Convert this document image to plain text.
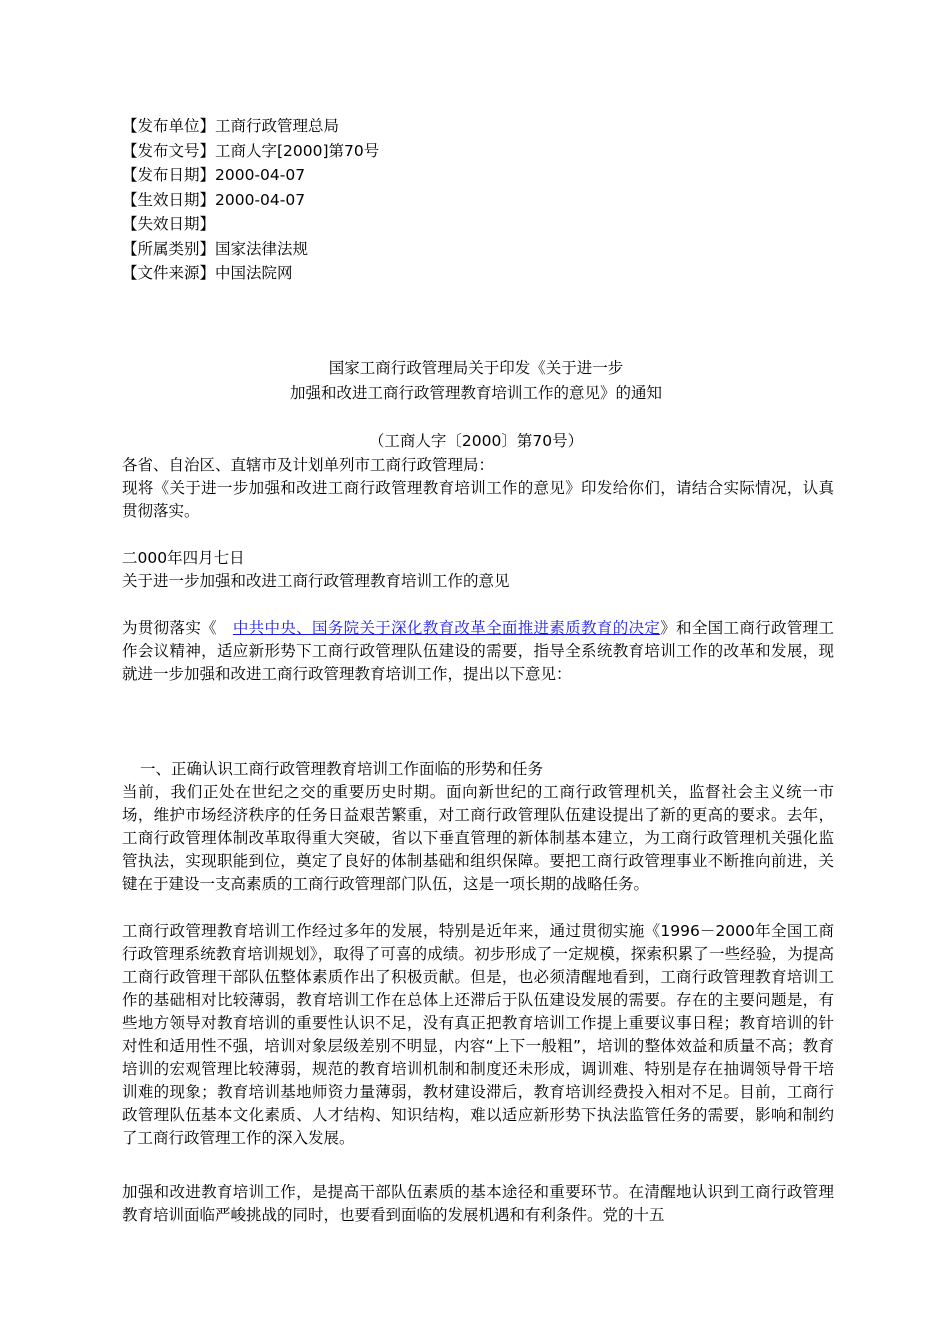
【发布单位】工商行政管理总局
【发布文号】工商人字[2000]第70号
【发布日期】2000-04-07
【生效日期】2000-04-07
【失效日期】
【所属类别】国家法律法规
【文件来源】中国法院网
国家工商行政管理局关于印发《关于进一步
加强和改进工商行政管理教育培训工作的意见》的通知
（工商人字〔2000〕第70号）
各省、自治区、直辖市及计划单列市工商行政管理局：
现将《关于进一步加强和改进工商行政管理教育培训工作的意见》印发给你们，请结合实际情况，认真贯彻落实。
二000年四月七日
关于进一步加强和改进工商行政管理教育培训工作的意见
为贯彻落实《　中共中央、国务院关于深化教育改革全面推进素质教育的决定》和全国工商行政管理工作会议精神，适应新形势下工商行政管理队伍建设的需要，指导全系统教育培训工作的改革和发展，现就进一步加强和改进工商行政管理教育培训工作，提出以下意见：
一、正确认识工商行政管理教育培训工作面临的形势和任务
当前，我们正处在世纪之交的重要历史时期。面向新世纪的工商行政管理机关，监督社会主义统一市场，维护市场经济秩序的任务日益艰苦繁重，对工商行政管理队伍建设提出了新的更高的要求。去年，工商行政管理体制改革取得重大突破，省以下垂直管理的新体制基本建立，为工商行政管理机关强化监管执法，实现职能到位，奠定了良好的体制基础和组织保障。要把工商行政管理事业不断推向前进，关键在于建设一支高素质的工商行政管理部门队伍，这是一项长期的战略任务。
工商行政管理教育培训工作经过多年的发展，特别是近年来，通过贯彻实施《1996－2000年全国工商行政管理系统教育培训规划》，取得了可喜的成绩。初步形成了一定规模，探索积累了一些经验，为提高工商行政管理干部队伍整体素质作出了积极贡献。但是，也必须清醒地看到，工商行政管理教育培训工作的基础相对比较薄弱，教育培训工作在总体上还滞后于队伍建设发展的需要。存在的主要问题是，有些地方领导对教育培训的重要性认识不足，没有真正把教育培训工作提上重要议事日程；教育培训的针对性和适用性不强，培训对象层级差别不明显，内容“上下一般粗”，培训的整体效益和质量不高；教育培训的宏观管理比较薄弱，规范的教育培训机制和制度还未形成，调训难、特别是存在抽调领导骨干培训难的现象；教育培训基地师资力量薄弱，教材建设滞后，教育培训经费投入相对不足。目前，工商行政管理队伍基本文化素质、人才结构、知识结构，难以适应新形势下执法监管任务的需要，影响和制约了工商行政管理工作的深入发展。
加强和改进教育培训工作，是提高干部队伍素质的基本途径和重要环节。在清醒地认识到工商行政管理教育培训面临严峻挑战的同时，也要看到面临的发展机遇和有利条件。党的十五
